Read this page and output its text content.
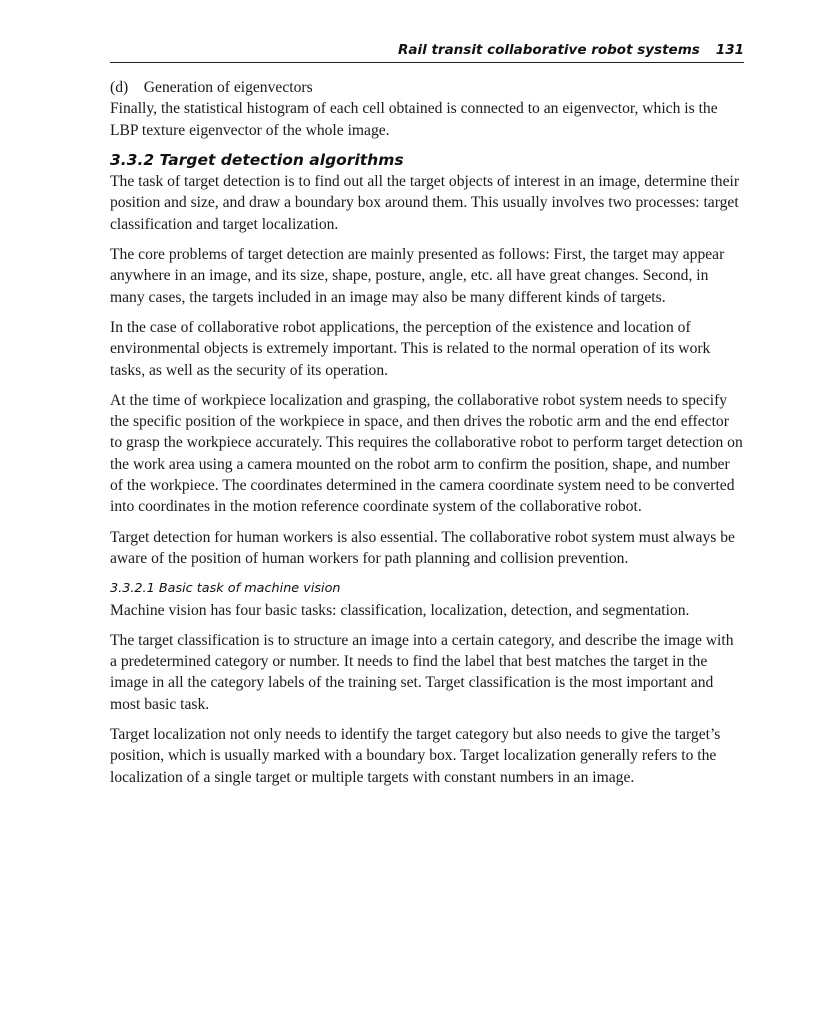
Rail transit collaborative robot systems 131

(d) Generation of eigenvectors

Finally, the statistical histogram of each cell obtained is connected to an eigenvector, which is the LBP texture eigenvector of the whole image.

3.3.2 Target detection algorithms

The task of target detection is to find out all the target objects of interest in an image, determine their position and size, and draw a boundary box around them. This usually involves two processes: target classification and target localization.

The core problems of target detection are mainly presented as follows: First, the target may appear anywhere in an image, and its size, shape, posture, angle, etc. all have great changes. Second, in many cases, the targets included in an image may also be many different kinds of targets.

In the case of collaborative robot applications, the perception of the existence and location of environmental objects is extremely important. This is related to the normal operation of its work tasks, as well as the security of its operation.

At the time of workpiece localization and grasping, the collaborative robot system needs to specify the specific position of the workpiece in space, and then drives the robotic arm and the end effector to grasp the workpiece accurately. This requires the collaborative robot to perform target detection on the work area using a camera mounted on the robot arm to confirm the position, shape, and number of the workpiece. The coordinates determined in the camera coordinate system need to be converted into coordinates in the motion reference coordinate system of the collaborative robot.

Target detection for human workers is also essential. The collaborative robot system must always be aware of the position of human workers for path planning and collision prevention.

3.3.2.1 Basic task of machine vision

Machine vision has four basic tasks: classification, localization, detection, and segmentation.

The target classification is to structure an image into a certain category, and describe the image with a predetermined category or number. It needs to find the label that best matches the target in the image in all the category labels of the training set. Target classification is the most important and most basic task.

Target localization not only needs to identify the target category but also needs to give the target’s position, which is usually marked with a boundary box. Target localization generally refers to the localization of a single target or multiple targets with constant numbers in an image.
